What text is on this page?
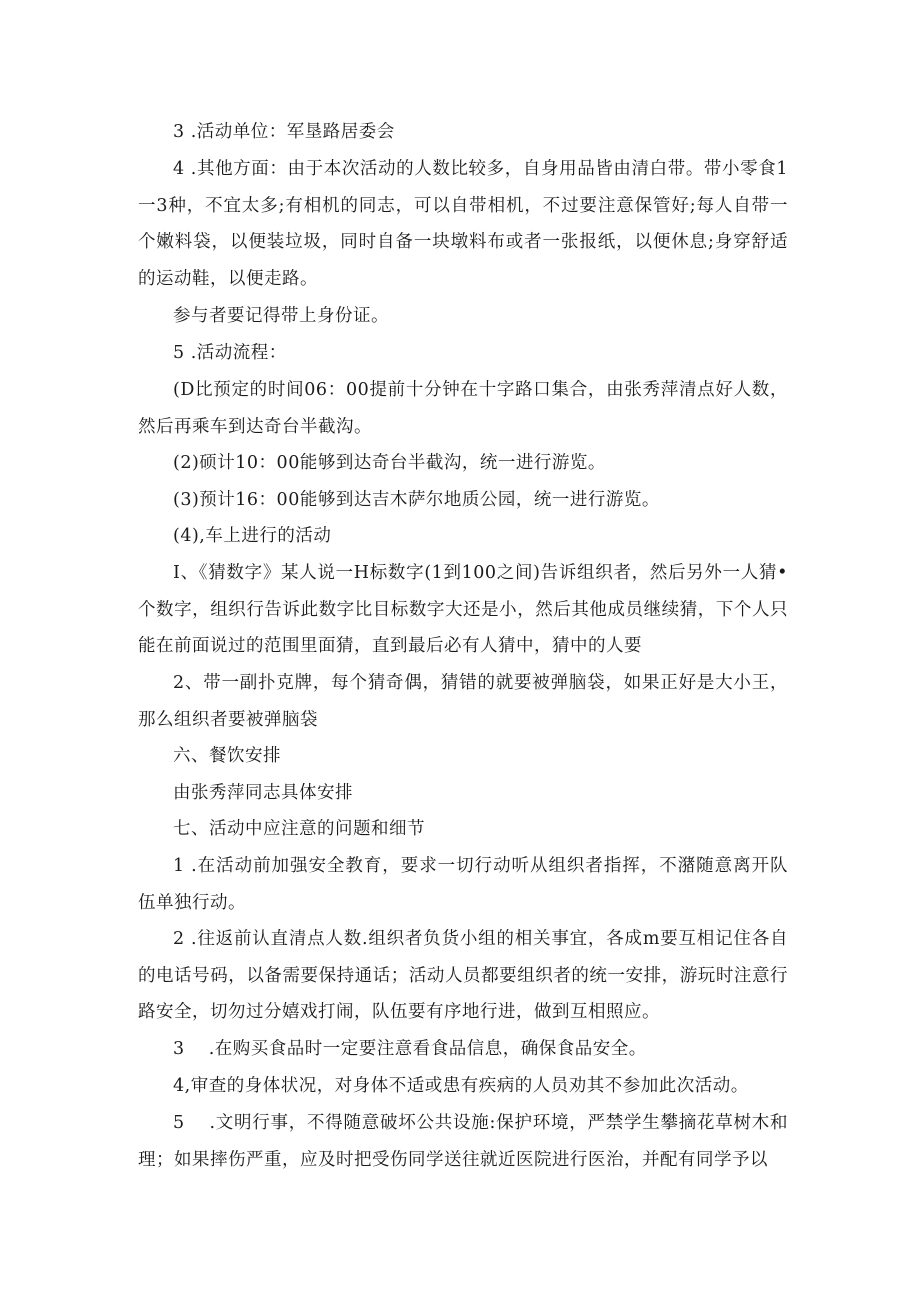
3 .活动单位：军垦路居委会

4 .其他方面：由于本次活动的人数比较多，自身用品皆由清白带。带小零食1一3种，不宜太多;有相机的同志，可以自带相机，不过要注意保管好;每人自带一个嫩料袋，以便装垃圾，同时自备一块墩料布或者一张报纸，以便休息;身穿舒适的运动鞋，以便走路。

参与者要记得带上身份证。

5 .活动流程：

(D比预定的时间06：00提前十分钟在十字路口集合，由张秀萍清点好人数，然后再乘车到达奇台半截沟。

(2)硕计10：00能够到达奇台半截沟，统一进行游览。

(3)预计16：00能够到达吉木萨尔地质公园，统一进行游览。

(4),车上进行的活动

I、《猜数字》某人说一H标数字(1到100之间)告诉组织者，然后另外一人猜•个数字，组织行告诉此数字比目标数字大还是小，然后其他成员继续猜，下个人只能在前面说过的范围里面猜，直到最后必有人猜中，猜中的人要

2、带一副扑克牌，每个猜奇偶，猜错的就要被弹脑袋，如果正好是大小王，那么组织者要被弹脑袋

六、餐饮安排

由张秀萍同志具体安排

七、活动中应注意的问题和细节

1 .在活动前加强安全教育，要求一切行动听从组织者指挥，不潴随意离开队伍单独行动。

2 .往返前认直清点人数.组织者负货小组的相关事宜，各成m要互相记住各自的电话号码，以备需要保持通话；活动人员都要组织者的统一安排，游玩时注意行路安全，切勿过分嬉戏打闹，队伍要有序地行进，做到互相照应。

3　 .在购买食品时一定要注意看食品信息，确保食品安全。

4,审查的身体状况，对身体不适或患有疾病的人员劝其不参加此次活动。

5　 .文明行事，不得随意破坏公共设施:保护环境，严禁学生攀摘花草树木和理；如果摔伤严重，应及时把受伤同学送往就近医院进行医治，并配有同学予以
